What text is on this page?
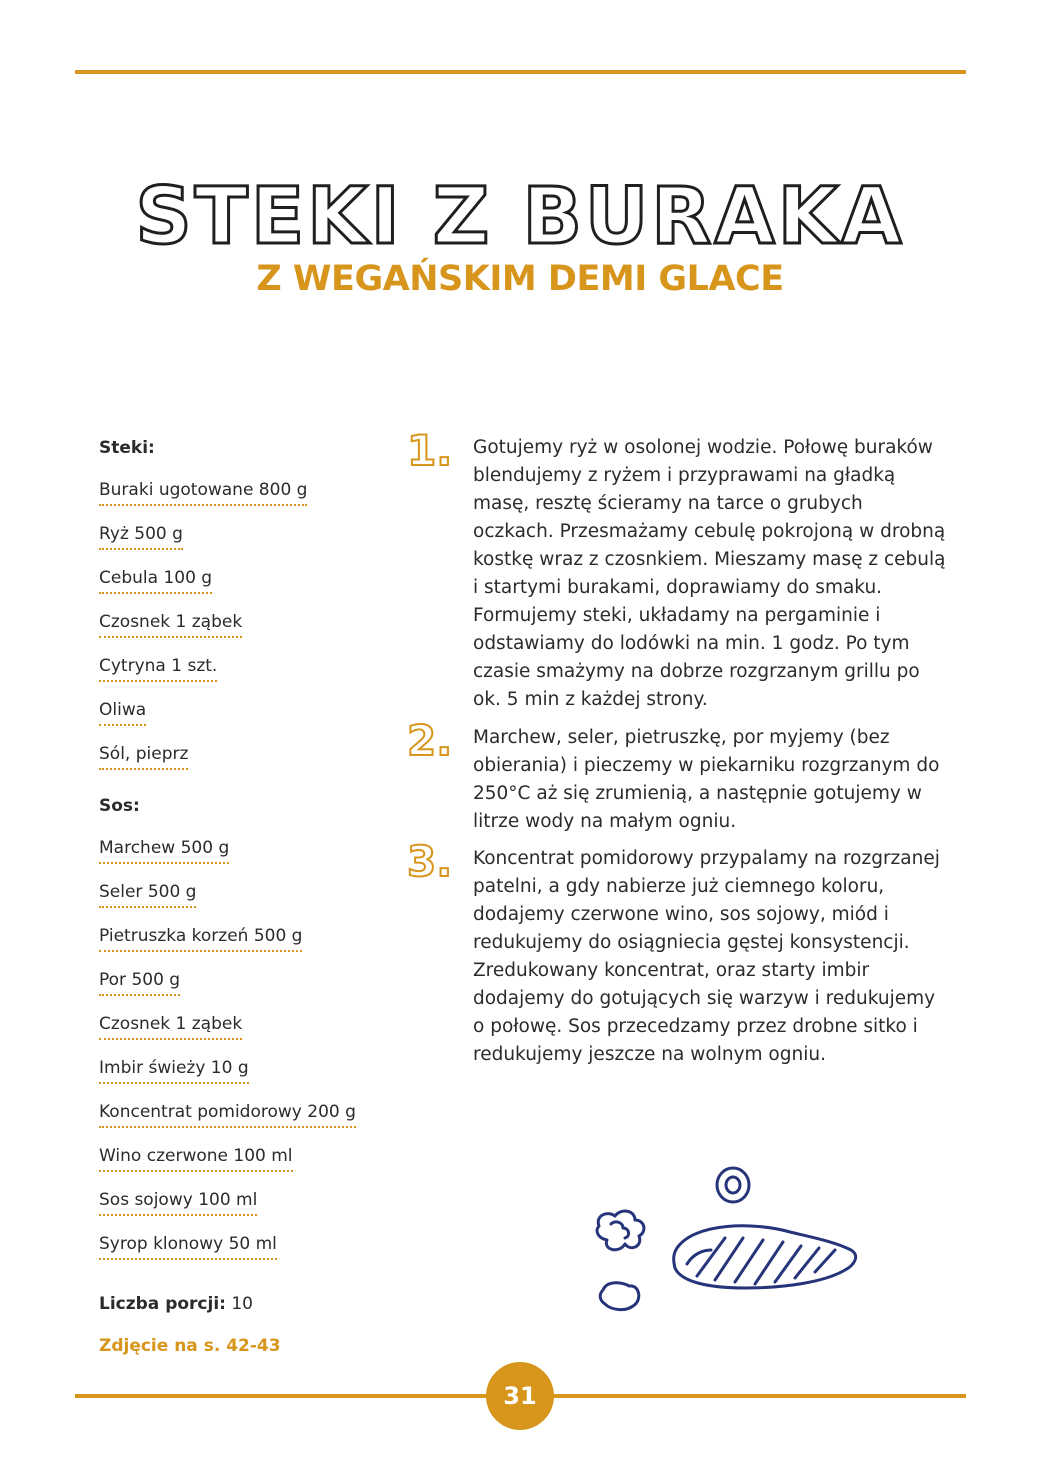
STEKI Z BURAKA
Z WEGAŃSKIM DEMI GLACE
Steki:
Buraki ugotowane 800 g
Ryż 500 g
Cebula 100 g
Czosnek 1 ząbek
Cytryna 1 szt.
Oliwa
Sól, pieprz
Sos:
Marchew 500 g
Seler 500 g
Pietruszka korzeń 500 g
Por 500 g
Czosnek 1 ząbek
Imbir świeży 10 g
Koncentrat pomidorowy 200 g
Wino czerwone 100 ml
Sos sojowy 100 ml
Syrop klonowy 50 ml
Liczba porcji: 10
Zdjęcie na s. 42-43
1. Gotujemy ryż w osolonej wodzie. Połowę buraków blendujemy z ryżem i przyprawami na gładką masę, resztę ścieramy na tarce o grubych oczkach. Przesmażamy cebulę pokrojoną w drobną kostkę wraz z czosnkiem. Mieszamy masę z cebulą i startymi burakami, doprawiamy do smaku. Formujemy steki, układamy na pergaminie i odstawiamy do lodówki na min. 1 godz. Po tym czasie smażymy na dobrze rozgrzanym grillu po ok. 5 min z każdej strony.

2. Marchew, seler, pietruszkę, por myjemy (bez obierania) i pieczemy w piekarniku rozgrzanym do 250°C aż się zrumienią, a następnie gotujemy w litrze wody na małym ogniu.

3. Koncentrat pomidorowy przypalamy na rozgrzanej patelni, a gdy nabierze już ciemnego koloru, dodajemy czerwone wino, sos sojowy, miód i redukujemy do osiągniecia gęstej konsystencji. Zredukowany koncentrat, oraz starty imbir dodajemy do gotujących się warzyw i redukujemy o połowę. Sos przecedzamy przez drobne sitko i redukujemy jeszcze na wolnym ogniu.

31
